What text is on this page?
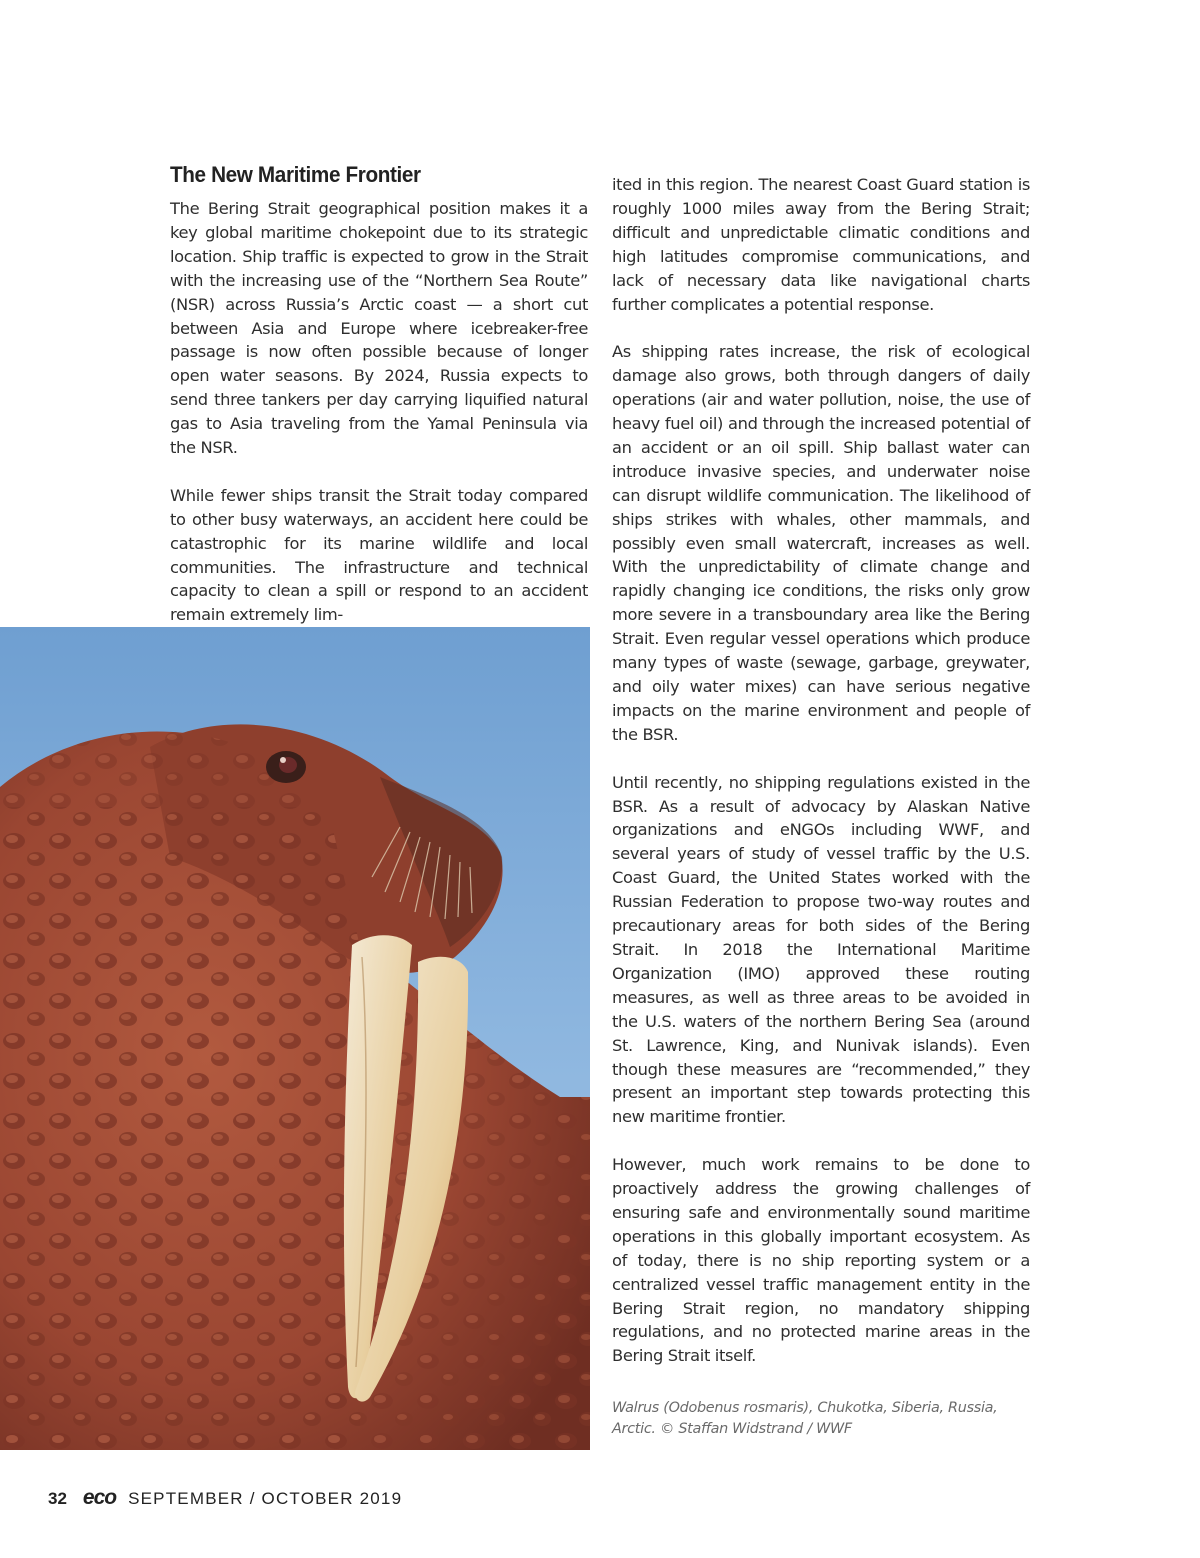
The New Maritime Frontier

The Bering Strait geographical position makes it a key global maritime chokepoint due to its strategic location. Ship traffic is expected to grow in the Strait with the increasing use of the “Northern Sea Route” (NSR) across Russia’s Arctic coast — a short cut between Asia and Europe where icebreaker-free passage is now often possible because of longer open water seasons. By 2024, Russia expects to send three tankers per day carrying liquified natural gas to Asia traveling from the Yamal Peninsula via the NSR.

While fewer ships transit the Strait today compared to other busy waterways, an accident here could be catastrophic for its marine wildlife and local communities. The infrastructure and technical capacity to clean a spill or respond to an accident remain extremely lim-

ited in this region. The nearest Coast Guard station is roughly 1000 miles away from the Bering Strait; difficult and unpredictable climatic conditions and high latitudes compromise communications, and lack of necessary data like navigational charts further complicates a potential response.

As shipping rates increase, the risk of ecological damage also grows, both through dangers of daily operations (air and water pollution, noise, the use of heavy fuel oil) and through the increased potential of an accident or an oil spill. Ship ballast water can introduce invasive species, and underwater noise can disrupt wildlife communication. The likelihood of ships strikes with whales, other mammals, and possibly even small watercraft, increases as well. With the unpredictability of climate change and rapidly changing ice conditions, the risks only grow more severe in a transboundary area like the Bering Strait. Even regular vessel operations which produce many types of waste (sewage, garbage, greywater, and oily water mixes) can have serious negative impacts on the marine environment and people of the BSR.

Until recently, no shipping regulations existed in the BSR. As a result of advocacy by Alaskan Native organizations and eNGOs including WWF, and several years of study of vessel traffic by the U.S. Coast Guard, the United States worked with the Russian Federation to propose two-way routes and precautionary areas for both sides of the Bering Strait. In 2018 the International Maritime Organization (IMO) approved these routing measures, as well as three areas to be avoided in the U.S. waters of the northern Bering Sea (around St. Lawrence, King, and Nunivak islands). Even though these measures are “recommended,” they present an important step towards protecting this new maritime frontier.

However, much work remains to be done to proactively address the growing challenges of ensuring safe and environmentally sound maritime operations in this globally important ecosystem. As of today, there is no ship reporting system or a centralized vessel traffic management entity in the Bering Strait region, no mandatory shipping regulations, and no protected marine areas in the Bering Strait itself.

Walrus (Odobenus rosmaris), Chukotka, Siberia, Russia, Arctic. © Staffan Widstrand / WWF
32 eco SEPTEMBER / OCTOBER 2019
